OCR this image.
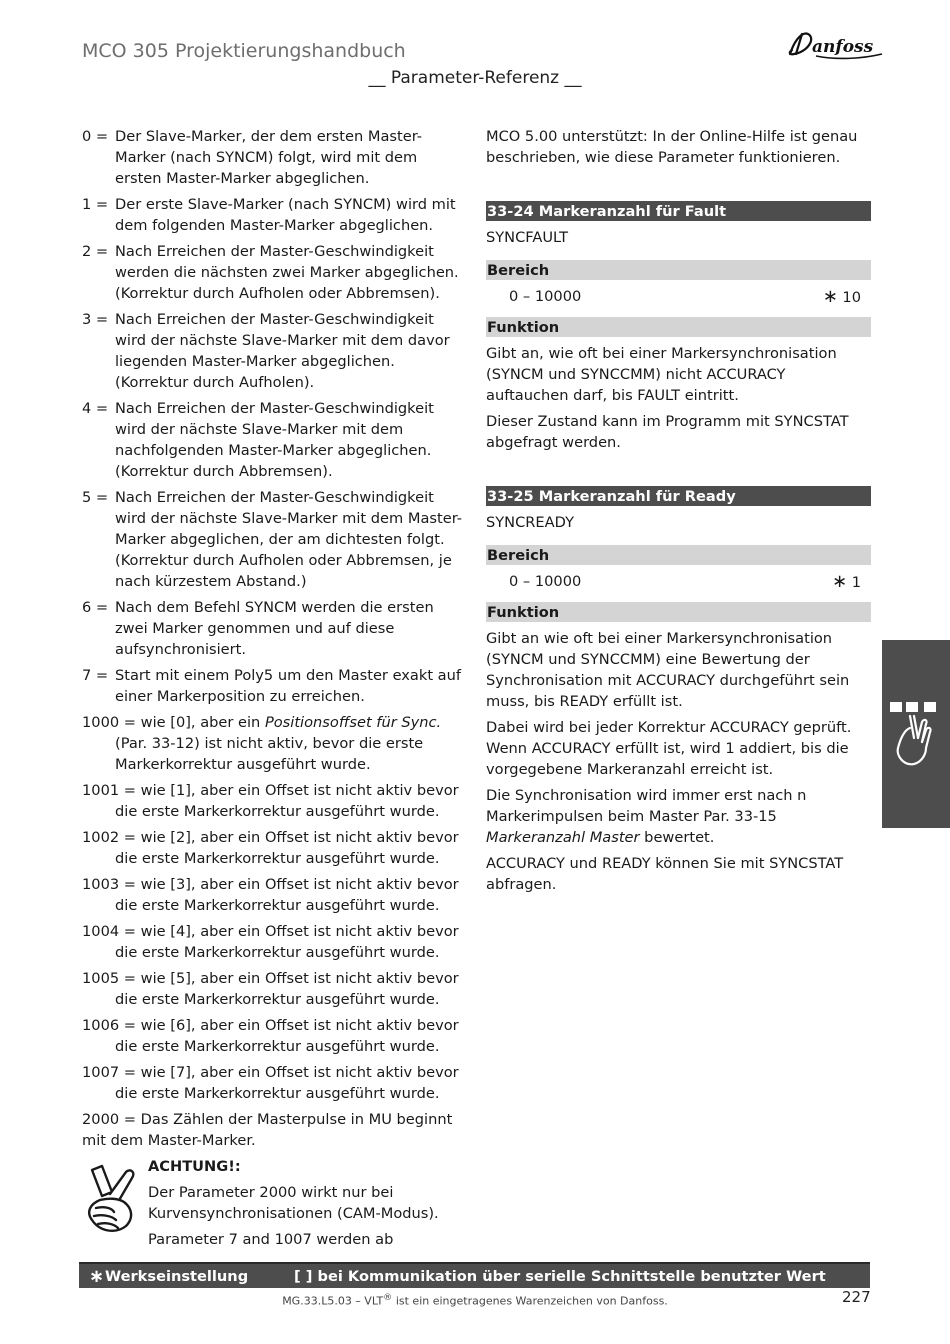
MCO 305 Projektierungshandbuch	anfoss
__ Parameter-Referenz __
0 = Der Slave-Marker, der dem ersten Master-Marker (nach SYNCM) folgt, wird mit dem ersten Master-Marker abgeglichen.
1 = Der erste Slave-Marker (nach SYNCM) wird mit dem folgenden Master-Marker abgeglichen.
2 = Nach Erreichen der Master-Geschwindigkeit werden die nächsten zwei Marker abgeglichen. (Korrektur durch Aufholen oder Abbremsen).
3 = Nach Erreichen der Master-Geschwindigkeit wird der nächste Slave-Marker mit dem davor liegenden Master-Marker abgeglichen. (Korrektur durch Aufholen).
4 = Nach Erreichen der Master-Geschwindigkeit wird der nächste Slave-Marker mit dem nachfolgenden Master-Marker abgeglichen. (Korrektur durch Abbremsen).
5 = Nach Erreichen der Master-Geschwindigkeit wird der nächste Slave-Marker mit dem Master-Marker abgeglichen, der am dichtesten folgt. (Korrektur durch Aufholen oder Abbremsen, je nach kürzestem Abstand.)
6 = Nach dem Befehl SYNCM werden die ersten zwei Marker genommen und auf diese aufsynchronisiert.
7 = Start mit einem Poly5 um den Master exakt auf einer Markerposition zu erreichen.
1000 = wie [0], aber ein Positionsoffset für Sync. (Par. 33-12) ist nicht aktiv, bevor die erste Markerkorrektur ausgeführt wurde.
1001 = wie [1], aber ein Offset ist nicht aktiv bevor die erste Markerkorrektur ausgeführt wurde.
1002 = wie [2], aber ein Offset ist nicht aktiv bevor die erste Markerkorrektur ausgeführt wurde.
1003 = wie [3], aber ein Offset ist nicht aktiv bevor die erste Markerkorrektur ausgeführt wurde.
1004 = wie [4], aber ein Offset ist nicht aktiv bevor die erste Markerkorrektur ausgeführt wurde.
1005 = wie [5], aber ein Offset ist nicht aktiv bevor die erste Markerkorrektur ausgeführt wurde.
1006 = wie [6], aber ein Offset ist nicht aktiv bevor die erste Markerkorrektur ausgeführt wurde.
1007 = wie [7], aber ein Offset ist nicht aktiv bevor die erste Markerkorrektur ausgeführt wurde.
2000 = Das Zählen der Masterpulse in MU beginnt mit dem Master-Marker.

ACHTUNG!:

Der Parameter 2000 wirkt nur bei Kurvensynchronisationen (CAM-Modus).

Parameter 7 and 1007 werden ab

MCO 5.00 unterstützt: In der Online-Hilfe ist genau beschrieben, wie diese Parameter funktionieren.

33-24 Markeranzahl für Fault

SYNCFAULT

Bereich
0 – 10000	∗ 10
Funktion

Gibt an, wie oft bei einer Markersynchronisation (SYNCM und SYNCCMM) nicht ACCURACY auftauchen darf, bis FAULT eintritt.

Dieser Zustand kann im Programm mit SYNCSTAT abgefragt werden.

33-25 Markeranzahl für Ready

SYNCREADY

Bereich
0 – 10000	∗ 1
Funktion

Gibt an wie oft bei einer Markersynchronisation (SYNCM und SYNCCMM) eine Bewertung der Synchronisation mit ACCURACY durchgeführt sein muss, bis READY erfüllt ist.

Dabei wird bei jeder Korrektur ACCURACY geprüft. Wenn ACCURACY erfüllt ist, wird 1 addiert, bis die vorgegebene Markeranzahl erreicht ist.

Die Synchronisation wird immer erst nach n Markerimpulsen beim Master Par. 33-15 Markeranzahl Master bewertet.

ACCURACY und READY können Sie mit SYNCSTAT abfragen.

∗ Werkseinstellung	[ ] bei Kommunikation über serielle Schnittstelle benutzter Wert
MG.33.L5.03 – VLT® ist ein eingetragenes Warenzeichen von Danfoss.	227
